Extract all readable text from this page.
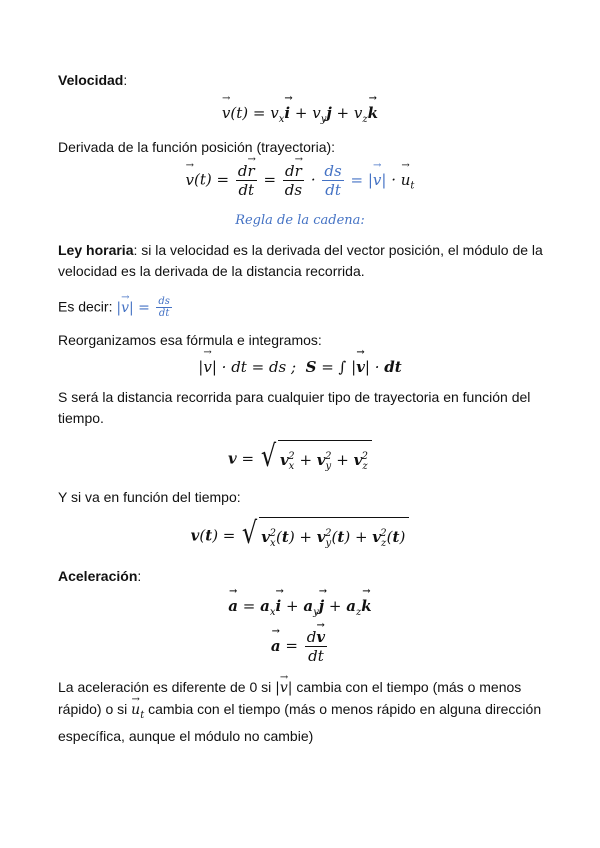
Velocidad:
→ $v(t) = v_x\to i + v_yj + v_z\to k$
Derivada de la función posición (trayectoria):
→ $v(t) = \frac{d\to r}{dt} = \frac{d\to r}{ds} \cdot \frac{ds}{dt}$ = |→ v| · → $u_t$
Regla de la cadena:
Ley horaria: si la velocidad es la derivada del vector posición, el módulo de la velocidad es la derivada de la distancia recorrida.
Es decir: |→ $v| = \frac{ds}{dt}$
Reorganizamos esa fórmula e integramos:
|→ v| · dt = ds ;  S = ∫ |→ v| · dt
S será la distancia recorrida para cualquier tipo de trayectoria en función del tiempo.
v = √ $v_x^2 + v_y^2 + v_z^2$
Y si va en función del tiempo:
v(t) = √ $v_x^2(t) + v_y^2(t) + v_z^2(t)$
Aceleración:
→ $a = a_x\to i + a_y\to j + a_z\to k$
→ $a = \frac{d\to v}{dt}$
La aceleración es diferente de 0 si |→ v| cambia con el tiempo (más o menos rápido) o si → $u_t$ cambia con el tiempo (más o menos rápido en alguna dirección específica, aunque el módulo no cambie)
